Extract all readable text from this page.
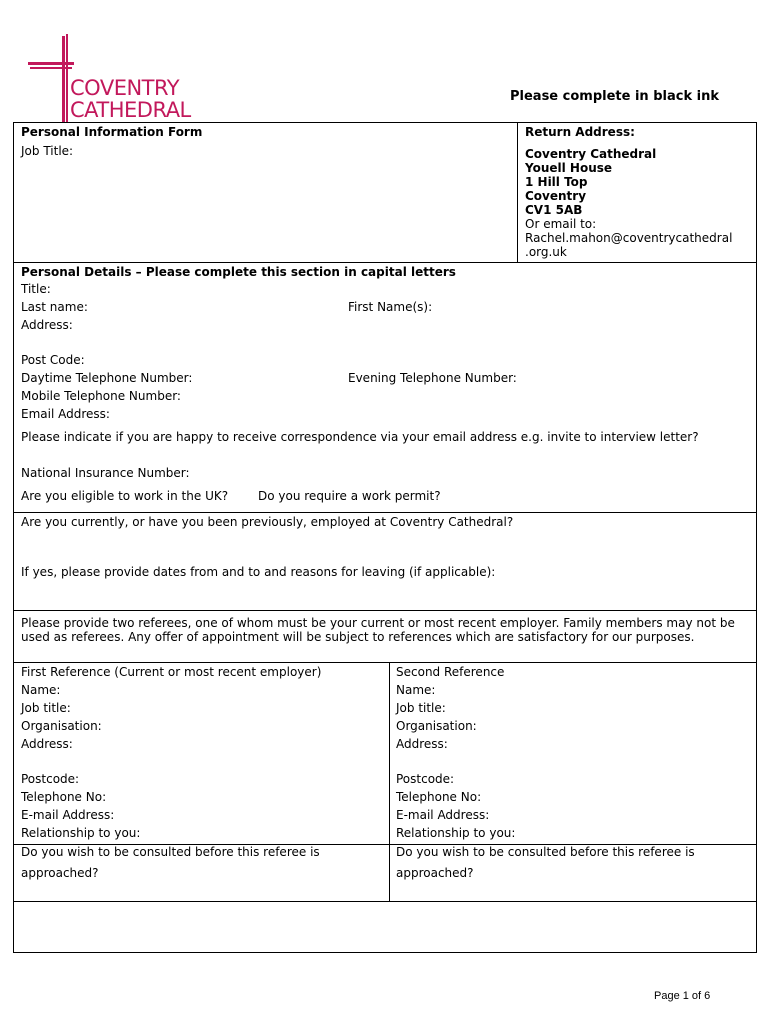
COVENTRY
CATHEDRAL
Please complete in black ink
Personal Information Form
Job Title:
Return Address:
Coventry Cathedral
Youell House
1 Hill Top
Coventry
CV1 5AB
Or email to:
Rachel.mahon@coventrycathedral
.org.uk
Personal Details – Please complete this section in capital letters
Title:
Last name:	First Name(s):
Address:
Post Code:
Daytime Telephone Number:	Evening Telephone Number:
Mobile Telephone Number:
Email Address:
Please indicate if you are happy to receive correspondence via your email address e.g. invite to interview letter?
National Insurance Number:
Are you eligible to work in the UK? Do you require a work permit?
Are you currently, or have you been previously, employed at Coventry Cathedral?
If yes, please provide dates from and to and reasons for leaving (if applicable):
Please provide two referees, one of whom must be your current or most recent employer. Family members may not be used as referees. Any offer of appointment will be subject to references which are satisfactory for our purposes.
First Reference (Current or most recent employer)
Name:
Job title:
Organisation:
Address:
Postcode:
Telephone No:
E-mail Address:
Relationship to you:
Do you wish to be consulted before this referee is
approached?
Second Reference
Name:
Job title:
Organisation:
Address:
Postcode:
Telephone No:
E-mail Address:
Relationship to you:
Do you wish to be consulted before this referee is
approached?
Page 1 of 6
